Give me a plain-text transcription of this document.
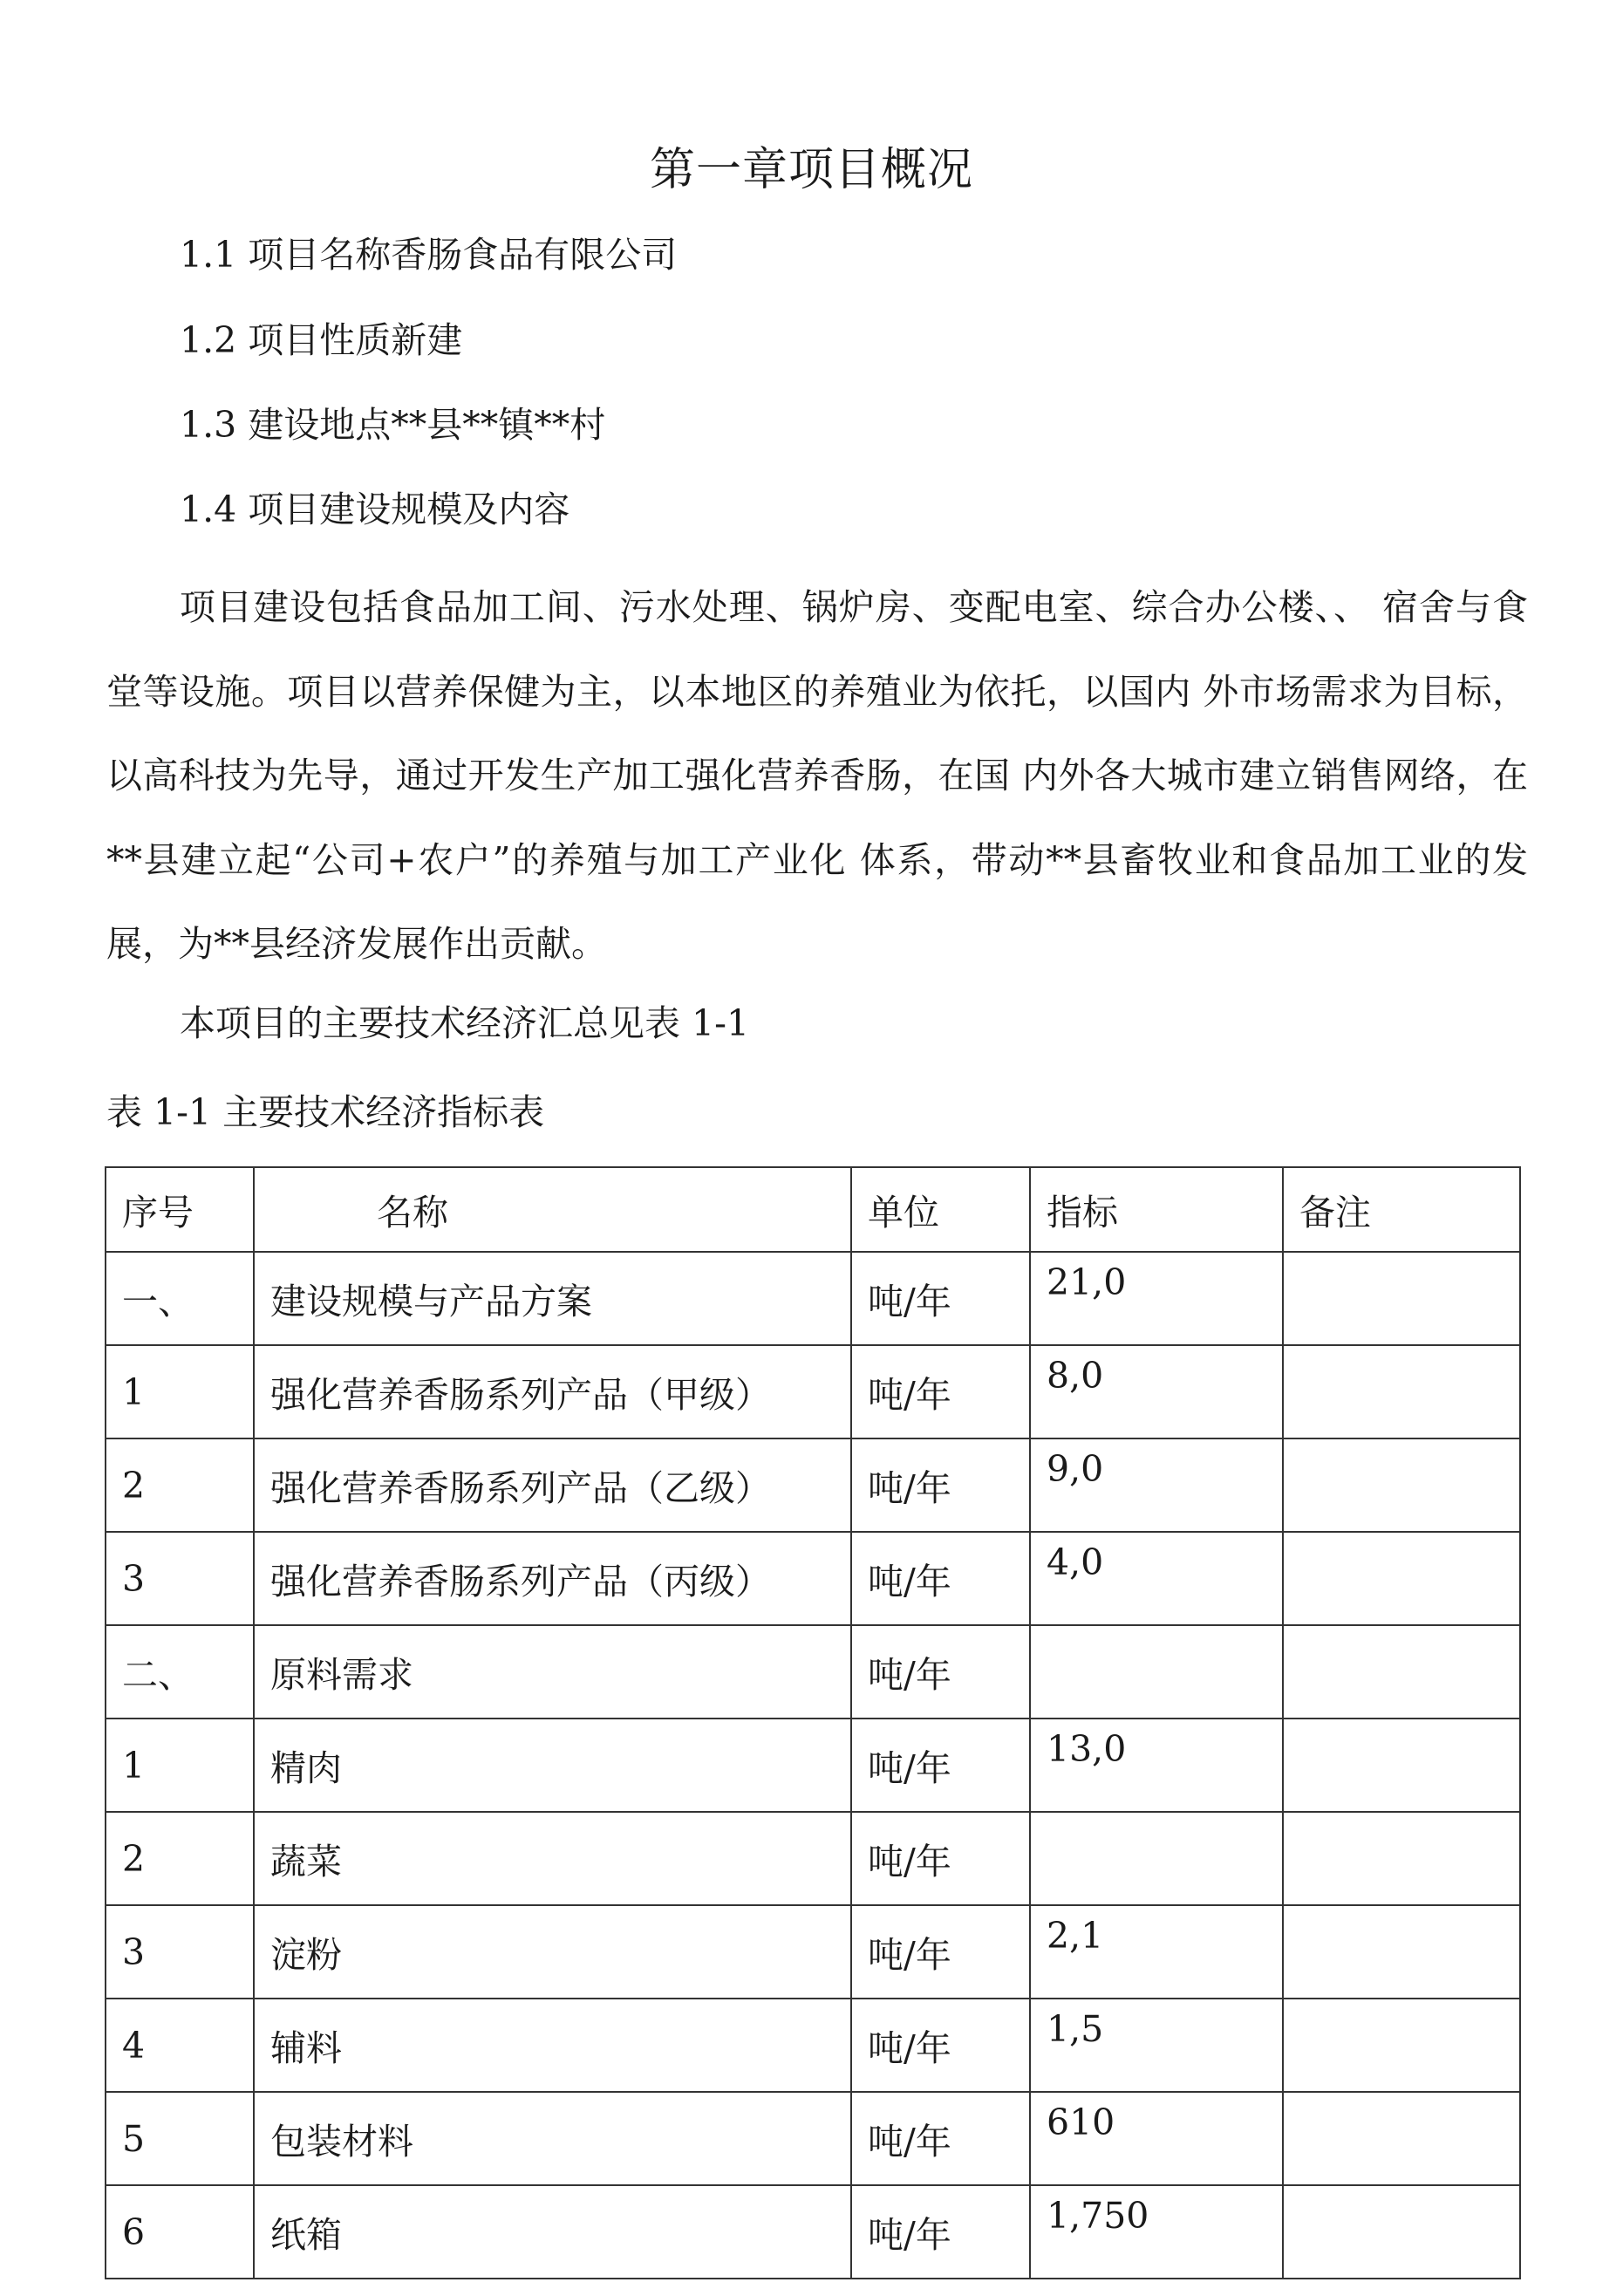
第一章项目概况
1.1 项目名称香肠食品有限公司
1.2 项目性质新建
1.3 建设地点**县**镇**村
1.4 项目建设规模及内容
项目建设包括食品加工间、污水处理、锅炉房、变配电室、综合办公楼、、 宿舍与食堂等设施。项目以营养保健为主，以本地区的养殖业为依托，以国内 外市场需求为目标，以高科技为先导，通过开发生产加工强化营养香肠，在国 内外各大城市建立销售网络，在**县建立起“公司+农户”的养殖与加工产业化 体系，带动**县畜牧业和食品加工业的发展，为**县经济发展作出贡献。
本项目的主要技术经济汇总见表 1-1
表 1-1 主要技术经济指标表
序号	名称	单位	指标	备注
一、	建设规模与产品方案	吨/年	21,0	
1	强化营养香肠系列产品（甲级）	吨/年	8,0	
2	强化营养香肠系列产品（乙级）	吨/年	9,0	
3	强化营养香肠系列产品（丙级）	吨/年	4,0	
二、	原料需求	吨/年		
1	精肉	吨/年	13,0	
2	蔬菜	吨/年		
3	淀粉	吨/年	2,1	
4	辅料	吨/年	1,5	
5	包装材料	吨/年	610	
6	纸箱	吨/年	1,750	
